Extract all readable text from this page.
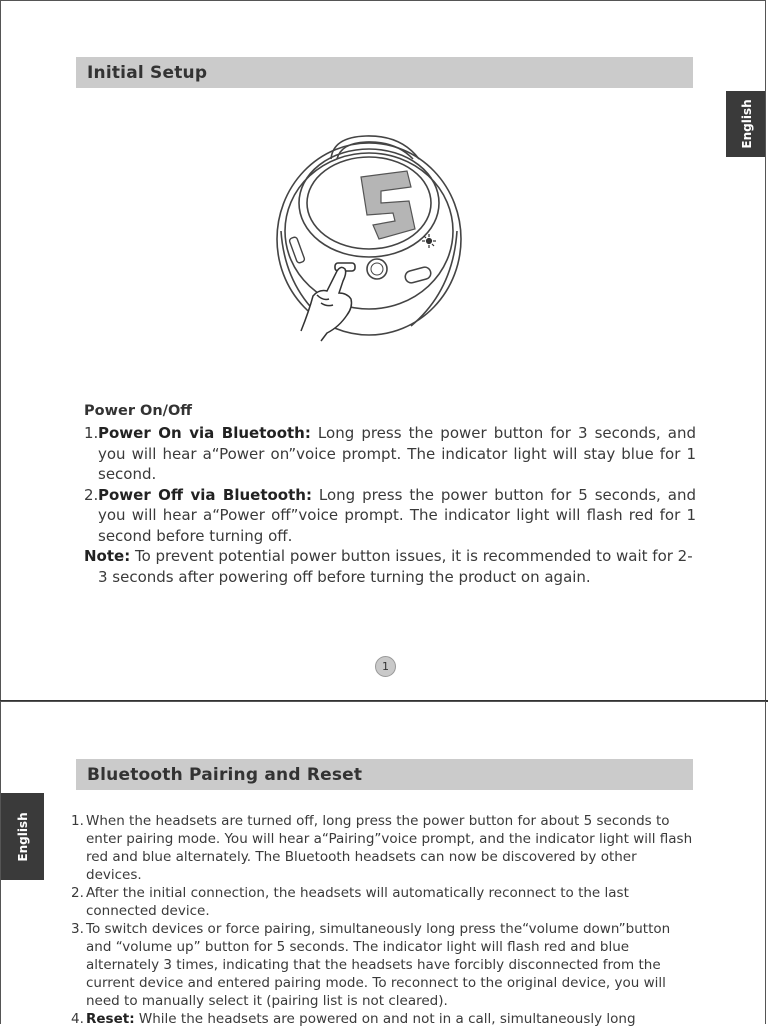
Initial Setup
English
Power On/Off

1. Power On via Bluetooth: Long press the power button for 3 seconds, and you will hear a“Power on”voice prompt. The indicator light will stay blue for 1 second.

2. Power Off via Bluetooth: Long press the power button for 5 seconds, and you will hear a“Power off”voice prompt. The indicator light will flash red for 1 second before turning off.

Note: To prevent potential power button issues, it is recommended to wait for 2-3 seconds after powering off before turning the product on again.

1
Bluetooth Pairing and Reset
English	1. When the headsets are turned off, long press the power button for about 5 seconds to enter pairing mode. You will hear a“Pairing”voice prompt, and the indicator light will flash red and blue alternately. The Bluetooth headsets can now be discovered by other devices.

2. After the initial connection, the headsets will automatically reconnect to the last connected device.

3. To switch devices or force pairing, simultaneously long press the“volume down”button and “volume up” button for 5 seconds. The indicator light will flash red and blue alternately 3 times, indicating that the headsets have forcibly disconnected from the current device and entered pairing mode. To reconnect to the original device, you will need to manually select it (pairing list is not cleared).

4. Reset: While the headsets are powered on and not in a call, simultaneously long
